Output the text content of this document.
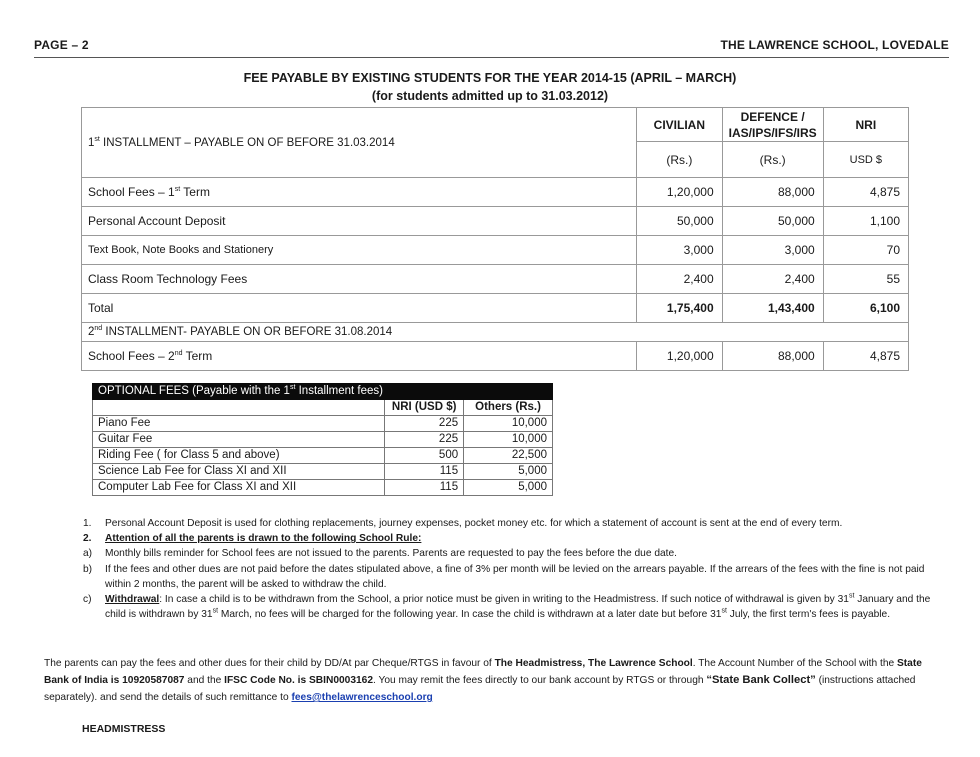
PAGE – 2	THE LAWRENCE SCHOOL, LOVEDALE
FEE PAYABLE BY EXISTING STUDENTS FOR THE YEAR 2014-15 (APRIL – MARCH)
(for students admitted up to 31.03.2012)
1st INSTALLMENT – PAYABLE ON OF BEFORE 31.03.2014	CIVILIAN	DEFENCE / IAS/IPS/IFS/IRS	NRI
	(Rs.)	(Rs.)	USD $
School Fees – 1st Term	1,20,000	88,000	4,875
Personal Account Deposit	50,000	50,000	1,100
Text Book, Note Books and Stationery	3,000	3,000	70
Class Room Technology Fees	2,400	2,400	55
Total	1,75,400	1,43,400	6,100
2nd INSTALLMENT- PAYABLE ON OR BEFORE 31.08.2014			
School Fees – 2nd Term	1,20,000	88,000	4,875
OPTIONAL FEES (Payable with the 1st Installment fees)		
	NRI (USD $)	Others (Rs.)
Piano Fee	225	10,000
Guitar Fee	225	10,000
Riding Fee ( for Class 5 and above)	500	22,500
Science Lab Fee for Class XI and XII	115	5,000
Computer Lab Fee for Class XI and XII	115	5,000
1. Personal Account Deposit is used for clothing replacements, journey expenses, pocket money etc. for which a statement of account is sent at the end of every term.
2. Attention of all the parents is drawn to the following School Rule:
a) Monthly bills reminder for School fees are not issued to the parents. Parents are requested to pay the fees before the due date.
b) If the fees and other dues are not paid before the dates stipulated above, a fine of 3% per month will be levied on the arrears payable. If the arrears of the fees with the fine is not paid within 2 months, the parent will be asked to withdraw the child.
c) Withdrawal: In case a child is to be withdrawn from the School, a prior notice must be given in writing to the Headmistress. If such notice of withdrawal is given by 31st January and the child is withdrawn by 31st March, no fees will be charged for the following year. In case the child is withdrawn at a later date but before 31st July, the first term's fees is payable.
The parents can pay the fees and other dues for their child by DD/At par Cheque/RTGS in favour of The Headmistress, The Lawrence School. The Account Number of the School with the State Bank of India is 10920587087 and the IFSC Code No. is SBIN0003162. You may remit the fees directly to our bank account by RTGS or through “State Bank Collect” (instructions attached separately). and send the details of such remittance to fees@thelawrenceschool.org
HEADMISTRESS
